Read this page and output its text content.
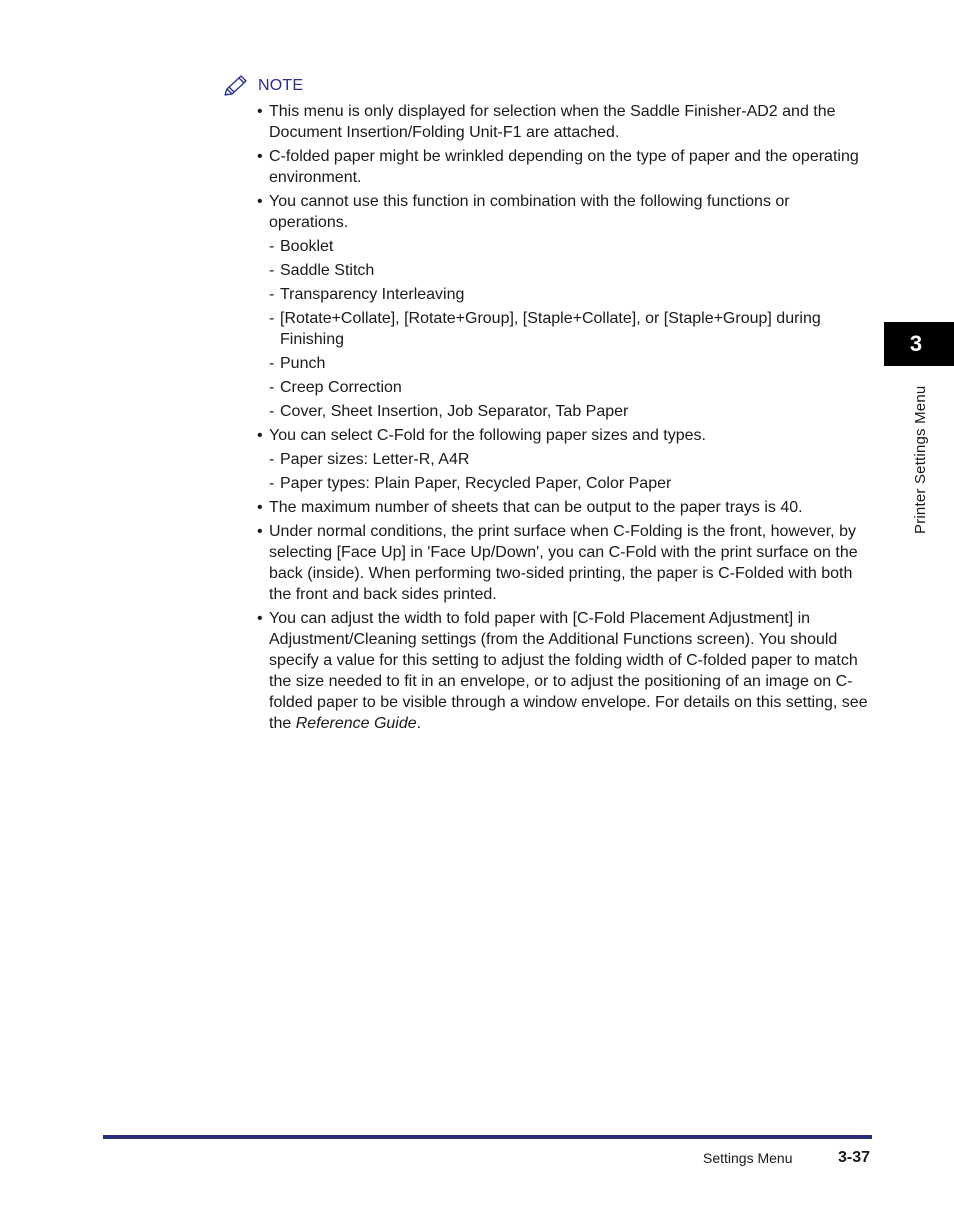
NOTE
• This menu is only displayed for selection when the Saddle Finisher-AD2 and the Document Insertion/Folding Unit-F1 are attached.
• C-folded paper might be wrinkled depending on the type of paper and the operating environment.
• You cannot use this function in combination with the following functions or operations.
- Booklet
- Saddle Stitch
- Transparency Interleaving
- [Rotate+Collate], [Rotate+Group], [Staple+Collate], or [Staple+Group] during Finishing
- Punch
- Creep Correction
- Cover, Sheet Insertion, Job Separator, Tab Paper
• You can select C-Fold for the following paper sizes and types.
- Paper sizes: Letter-R, A4R
- Paper types: Plain Paper, Recycled Paper, Color Paper
• The maximum number of sheets that can be output to the paper trays is 40.
• Under normal conditions, the print surface when C-Folding is the front, however, by selecting [Face Up] in 'Face Up/Down', you can C-Fold with the print surface on the back (inside). When performing two-sided printing, the paper is C-Folded with both the front and back sides printed.
• You can adjust the width to fold paper with [C-Fold Placement Adjustment] in Adjustment/Cleaning settings (from the Additional Functions screen). You should specify a value for this setting to adjust the folding width of C-folded paper to match the size needed to fit in an envelope, or to adjust the positioning of an image on C-folded paper to be visible through a window envelope. For details on this setting, see the Reference Guide.
3
Printer Settings Menu
Settings Menu	3-37
